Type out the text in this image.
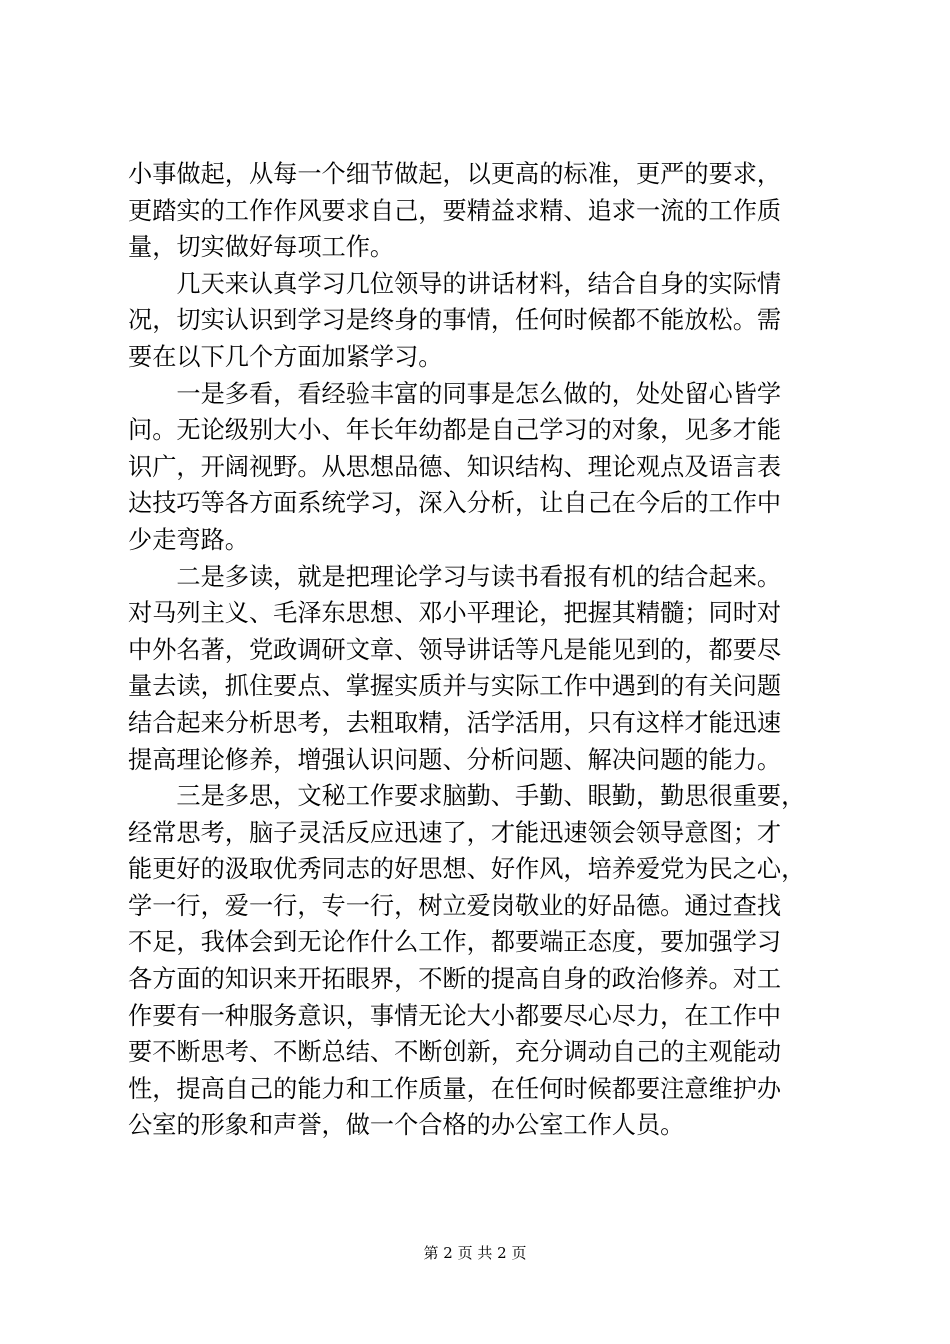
小事做起，从每一个细节做起，以更高的标准，更严的要求，
更踏实的工作作风要求自己，要精益求精、追求一流的工作质
量，切实做好每项工作。
　　几天来认真学习几位领导的讲话材料，结合自身的实际情
况，切实认识到学习是终身的事情，任何时候都不能放松。需
要在以下几个方面加紧学习。
　　一是多看，看经验丰富的同事是怎么做的，处处留心皆学
问。无论级别大小、年长年幼都是自己学习的对象，见多才能
识广，开阔视野。从思想品德、知识结构、理论观点及语言表
达技巧等各方面系统学习，深入分析，让自己在今后的工作中
少走弯路。
　　二是多读，就是把理论学习与读书看报有机的结合起来。
对马列主义、毛泽东思想、邓小平理论，把握其精髓；同时对
中外名著，党政调研文章、领导讲话等凡是能见到的，都要尽
量去读，抓住要点、掌握实质并与实际工作中遇到的有关问题
结合起来分析思考，去粗取精，活学活用，只有这样才能迅速
提高理论修养，增强认识问题、分析问题、解决问题的能力。
　　三是多思，文秘工作要求脑勤、手勤、眼勤，勤思很重要，
经常思考，脑子灵活反应迅速了，才能迅速领会领导意图；才
能更好的汲取优秀同志的好思想、好作风，培养爱党为民之心，
学一行，爱一行，专一行，树立爱岗敬业的好品德。通过查找
不足，我体会到无论作什么工作，都要端正态度，要加强学习
各方面的知识来开拓眼界，不断的提高自身的政治修养。对工
作要有一种服务意识，事情无论大小都要尽心尽力，在工作中
要不断思考、不断总结、不断创新，充分调动自己的主观能动
性，提高自己的能力和工作质量，在任何时候都要注意维护办
公室的形象和声誉，做一个合格的办公室工作人员。
第 2 页 共 2 页
